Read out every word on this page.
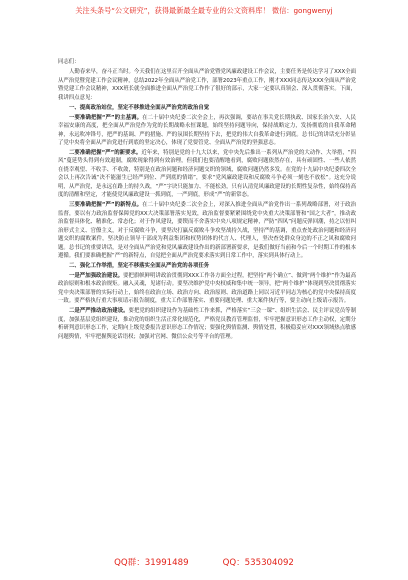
关注头条号“公文研究”，获得最新最全最专业的公文资料库！ 微信：gongwenyj

同志们：

人勤春来早，奋斗正当时。今天我们在这里召开全面从严治党暨党风廉政建设工作会议，主要任务是传达学习了XXX全面从严治党暨党建工作会议精神，总结2022年全面从严治党工作，部署2023年重点工作，刚才XXX同志传达XXX全面从严治党暨党建工作会议精神，XXX班长就全面推进全面从严治党工作作了很好的部示，大家一定要认真领会、深入贯彻落实。下面，我讲四点意见：

一、提高政治站位，坚定不移推进全面从严治党的政治自觉

一要准确把握“严”的主基调。在二十届中央纪委二次全会上，再次强调，要站在事关党长期执政、国家长治久安、人民幸福安康的高度，把全面从严治党作为党的长期战略永恒课题，始终坚持问题导向，保持战略定力，发扬彻底的自我革命精神，永远吹冲锋号，把严的基调、严的措施、严的氛围长期坚持下去，把党的伟大自我革命进行到底。总书记的讲话充分彰显了党中央将全面从严治党进行到底的坚定决心，体现了党要管党、全面从严治党的坚强意志。

二要准确把握“严”的新要求。近年来，特别是党的十九大以来，党中央先后推出一系列从严治党的大动作、大举措，“四风”蔓延势头得到有效遏制，腐败现象得到有效治理，但我们也要清醒地看到，腐败问题依然存在，具有顽固性、一些人依然在侥幸观望、不收手、不收敛，特别是在政治问题和经济问题交织的领域，腐败问题仍然多发。在党的十九届中央纪委四次全会以上再次告诫“决不能滋生已经严到位、严到底的情绪”，要求“党风廉政建设和反腐败斗争必须一刻也不放松”。这充分说明，从严治党，是永远在路上的持久战，“严”字诀只能加力、不能松劲，只有认清党风廉政建设的长期性复杂性，始终保持高度的清醒和坚定，才能使党风廉政建设一抓到底，一严到底，形成“严”的新常态。

三要准确把握“严”的新特点。在二十届中央纪委二次全会上，对深入推进全面从严治党作出一系列战略部署，对于政治监督，要以有力政治监督保障党的XX大决策部署落实见效，政治监督要紧紧围绕党中央重大决策部署和“国之大者”，推动政治监督具体化、精准化、常态化；对于作风建设，要锲而不舍落实中央八项规定精神，严防“四风”问题反弹回潮，持之以恒纠治形式主义、官僚主义，对于反腐败斗争，要坚决打赢反腐败斗争攻坚战持久战，坚持严的基调，重点查处政治问题和经济问题交织的腐败案件，坚决防止领导干部成为利益集团和权势团体的代言人、代理人，坚决查处群众身边的不正之风和腐败问题。总书记的重要讲话，是对全面从严治党和党风廉政建设作出的新部署新要求，是我们做好当前和今后一个时期工作的根本遵循。我们要准确把握“严”的新特点，自觉把全面从严治党要求落实到日常工作中，落实到具体行动上。

二、强化工作举措，坚定不移落实全面从严治党的各项任务

一是严加强政治建设。要把旗帜鲜明讲政治贯彻到XXX工作各方面全过程，把坚持“两个确立”、做到“两个维护”作为最高政治原则和根本政治规矩。融入灵魂，见诸行动。要坚决维护党中央权威和集中统一领导，把“两个维护”体现到坚决贯彻落实党中央决策部署的实际行动上，始终在政治立场、政治方向、政治原则、政治道路上同以习近平同志为核心的党中央保持高度一致。要严格执行重大事项请示报告制度，重大工作部署落实、重要问题处理、重大案件执行等，要主动向上级请示报告。

二是严严推动政治建设。要把党的组织建设作为基础性工作来抓，严格落实“三会一课”、组织生活会、民主评议党员等制度，加强基层党组织建设，推动党的组织生活正常化规范化，严格党员教育管理监督，牢牢把握意识形态工作主动权，定期分析研判意识形态工作，定期向上级党委报告意识形态工作情况；要强化舆情监测、舆情处置，积极稳妥应对XXX领域热点敏感问题舆情，牢牢把握舆论话语权；加强对官网、微信公众号等平台的管理。

QQ群：31991489	QQ：535304092
